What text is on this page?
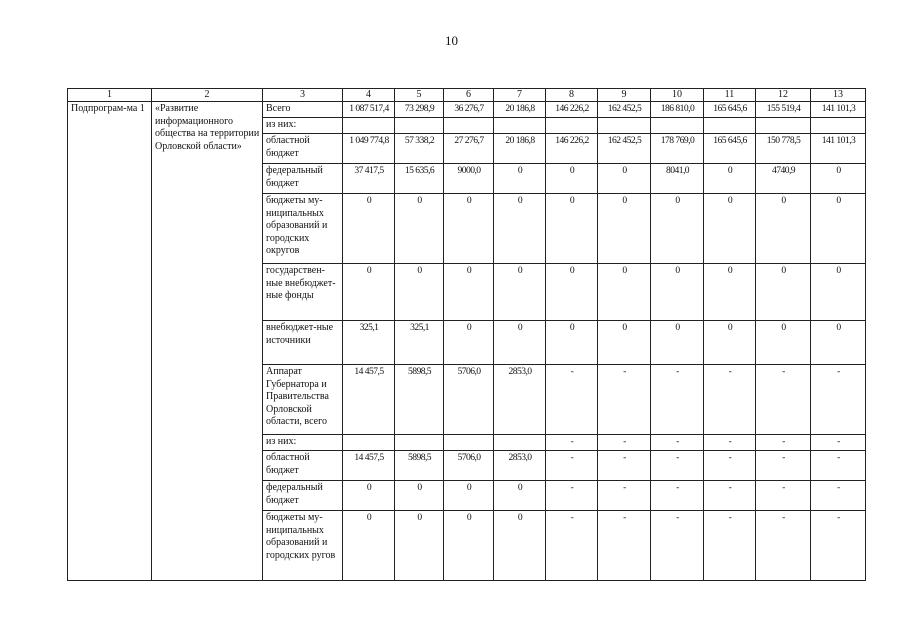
10
1	2	3	4	5	6	7	8	9	10	11	12	13
Подпрограм-ма 1	«Развитие информационного общества на территории Орловской области»	Всего	1 087 517,4	73 298,9	36 276,7	20 186,8	146 226,2	162 452,5	186 810,0	165 645,6	155 519,4	141 101,3
		из них:										
		областной бюджет	1 049 774,8	57 338,2	27 276,7	20 186,8	146 226,2	162 452,5	178 769,0	165 645,6	150 778,5	141 101,3
		федеральный бюджет	37 417,5	15 635,6	9000,0	0	0	0	8041,0	0	4740,9	0
		бюджеты му-ниципальных образований и городских округов	0	0	0	0	0	0	0	0	0	0
		государствен-ные внебюджет-ные фонды	0	0	0	0	0	0	0	0	0	0
		внебюджет-ные источники	325,1	325,1	0	0	0	0	0	0	0	0
		Аппарат Губернатора и Правительства Орловской области, всего	14 457,5	5898,5	5706,0	2853,0	-	-	-	-	-	-
		из них:					-	-	-	-	-	-
		областной бюджет	14 457,5	5898,5	5706,0	2853,0	-	-	-	-	-	-
		федеральный бюджет	0	0	0	0	-	-	-	-	-	-
		бюджеты му-ниципальных образований и городских ругов	0	0	0	0	-	-	-	-	-	-
